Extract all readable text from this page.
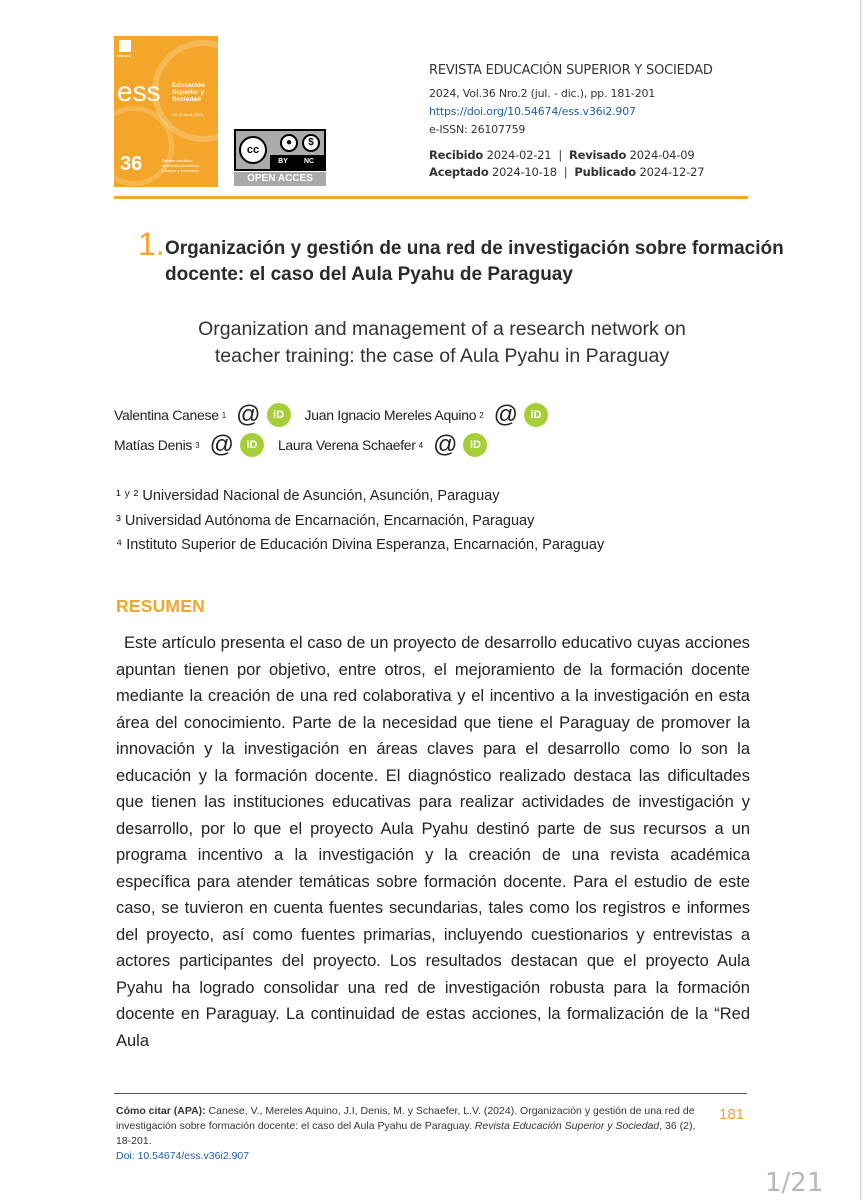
unesco
ess Educación Superior y Sociedad
Vol. 36 Nro 2 (2024)
36	Dossier temático: Interinstitucionalidad, Riesgos y amenazas
cc
●	$
BY NC
OPEN ACCES
REVISTA EDUCACIÓN SUPERIOR Y SOCIEDAD
2024, Vol.36 Nro.2 (jul. - dic.), pp. 181-201
https://doi.org/10.54674/ess.v36i2.907
e-ISSN: 26107759
Recibido 2024-02-21  |  Revisado 2024-04-09
Aceptado 2024-10-18  |  Publicado 2024-12-27
1. Organización y gestión de una red de investigación sobre formación docente: el caso del Aula Pyahu de Paraguay
Organization and management of a research network on teacher training: the case of Aula Pyahu in Paraguay
Valentina Canese 1 @	iD	Juan Ignacio Mereles Aquino 2 @	iD
Matías Denis 3 @	iD	Laura Verena Schaefer 4 @	iD
¹ ʸ ² Universidad Nacional de Asunción, Asunción, Paraguay
³ Universidad Autónoma de Encarnación, Encarnación, Paraguay
⁴ Instituto Superior de Educación Divina Esperanza, Encarnación, Paraguay
RESUMEN
Este artículo presenta el caso de un proyecto de desarrollo educativo cuyas acciones apuntan tienen por objetivo, entre otros, el mejoramiento de la formación docente mediante la creación de una red colaborativa y el incentivo a la investigación en esta área del conocimiento. Parte de la necesidad que tiene el Paraguay de promover la innovación y la investigación en áreas claves para el desarrollo como lo son la educación y la formación docente. El diagnóstico realizado destaca las dificultades que tienen las instituciones educativas para realizar actividades de investigación y desarrollo, por lo que el proyecto Aula Pyahu destinó parte de sus recursos a un programa incentivo a la investigación y la creación de una revista académica específica para atender temáticas sobre formación docente. Para el estudio de este caso, se tuvieron en cuenta fuentes secundarias, tales como los registros e informes del proyecto, así como fuentes primarias, incluyendo cuestionarios y entrevistas a actores participantes del proyecto. Los resultados destacan que el proyecto Aula Pyahu ha logrado consolidar una red de investigación robusta para la formación docente en Paraguay. La continuidad de estas acciones, la formalización de la “Red Aula
Cómo citar (APA): Canese, V., Mereles Aquino, J.I, Denis, M. y Schaefer, L.V. (2024). Organización y gestión de una red de investigación sobre formación docente: el caso del Aula Pyahu de Paraguay. Revista Educación Superior y Sociedad, 36 (2), 18-201.
Doi: 10.54674/ess.v36i2.907
181
1/21
